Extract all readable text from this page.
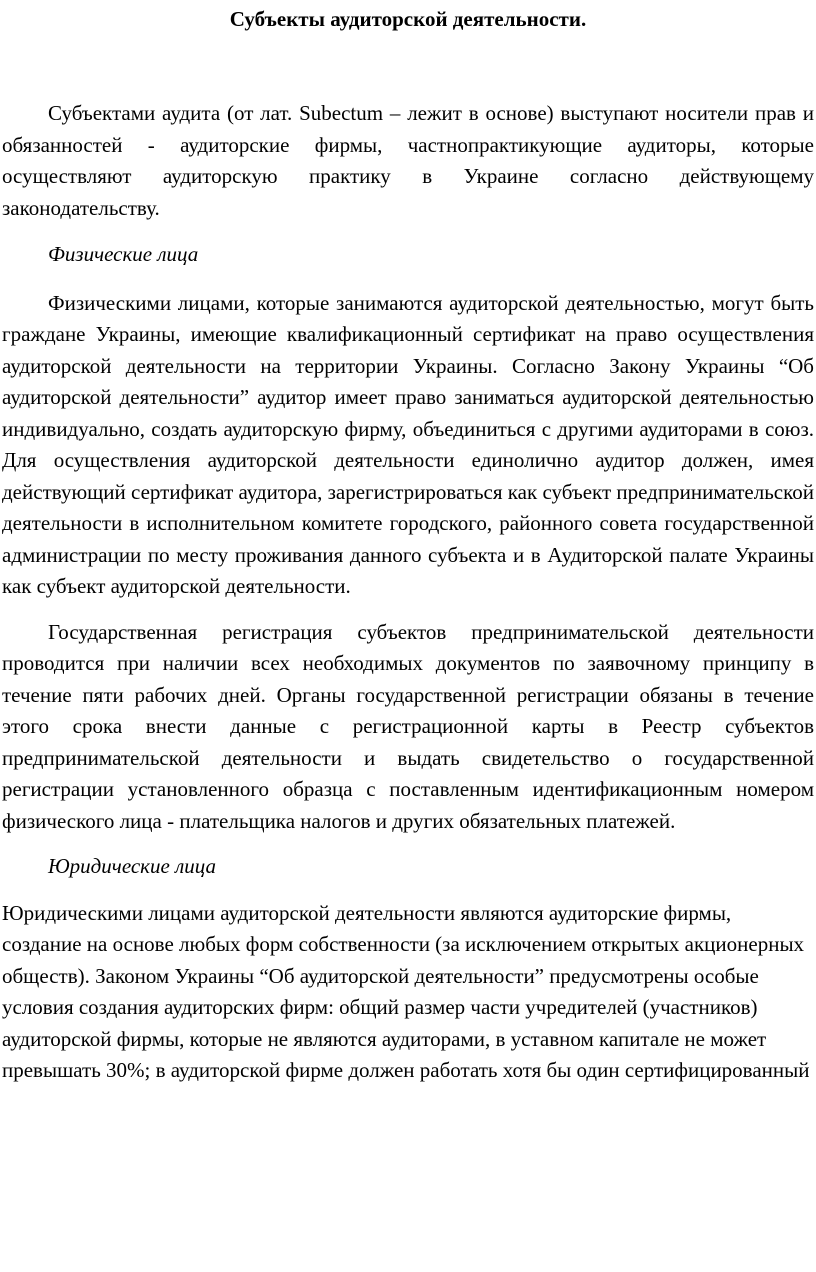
Субъекты аудиторской деятельности.

Субъектами аудита (от лат. Subectum – лежит в основе) выступают носители прав и обязанностей - аудиторские фирмы, частнопрактикующие аудиторы, которые осуществляют аудиторскую практику в Украине согласно действующему законодательству.

Физические лица

Физическими лицами, которые занимаются аудиторской деятельностью, могут быть граждане Украины, имеющие квалификационный сертификат на право осуществления аудиторской деятельности на территории Украины. Согласно Закону Украины “Об аудиторской деятельности” аудитор имеет право заниматься аудиторской деятельностью индивидуально, создать аудиторскую фирму, объединиться с другими аудиторами в союз. Для осуществления аудиторской деятельности единолично аудитор должен, имея действующий сертификат аудитора, зарегистрироваться как субъект предпринимательской деятельности в исполнительном комитете городского, районного совета государственной администрации по месту проживания данного субъекта и в Аудиторской палате Украины как субъект аудиторской деятельности.

Государственная регистрация субъектов предпринимательской деятельности проводится при наличии всех необходимых документов по заявочному принципу в течение пяти рабочих дней. Органы государственной регистрации обязаны в течение этого срока внести данные с регистрационной карты в Реестр субъектов предпринимательской деятельности и выдать свидетельство о государственной регистрации установленного образца с поставленным идентификационным номером физического лица - плательщика налогов и других обязательных платежей.

Юридические лица

Юридическими лицами аудиторской деятельности являются аудиторские фирмы, создание на основе любых форм собственности (за исключением открытых акционерных обществ). Законом Украины “Об аудиторской деятельности” предусмотрены особые условия создания аудиторских фирм: общий размер части учредителей (участников) аудиторской фирмы, которые не являются аудиторами, в уставном капитале не может превышать 30%; в аудиторской фирме должен работать хотя бы один сертифицированный
